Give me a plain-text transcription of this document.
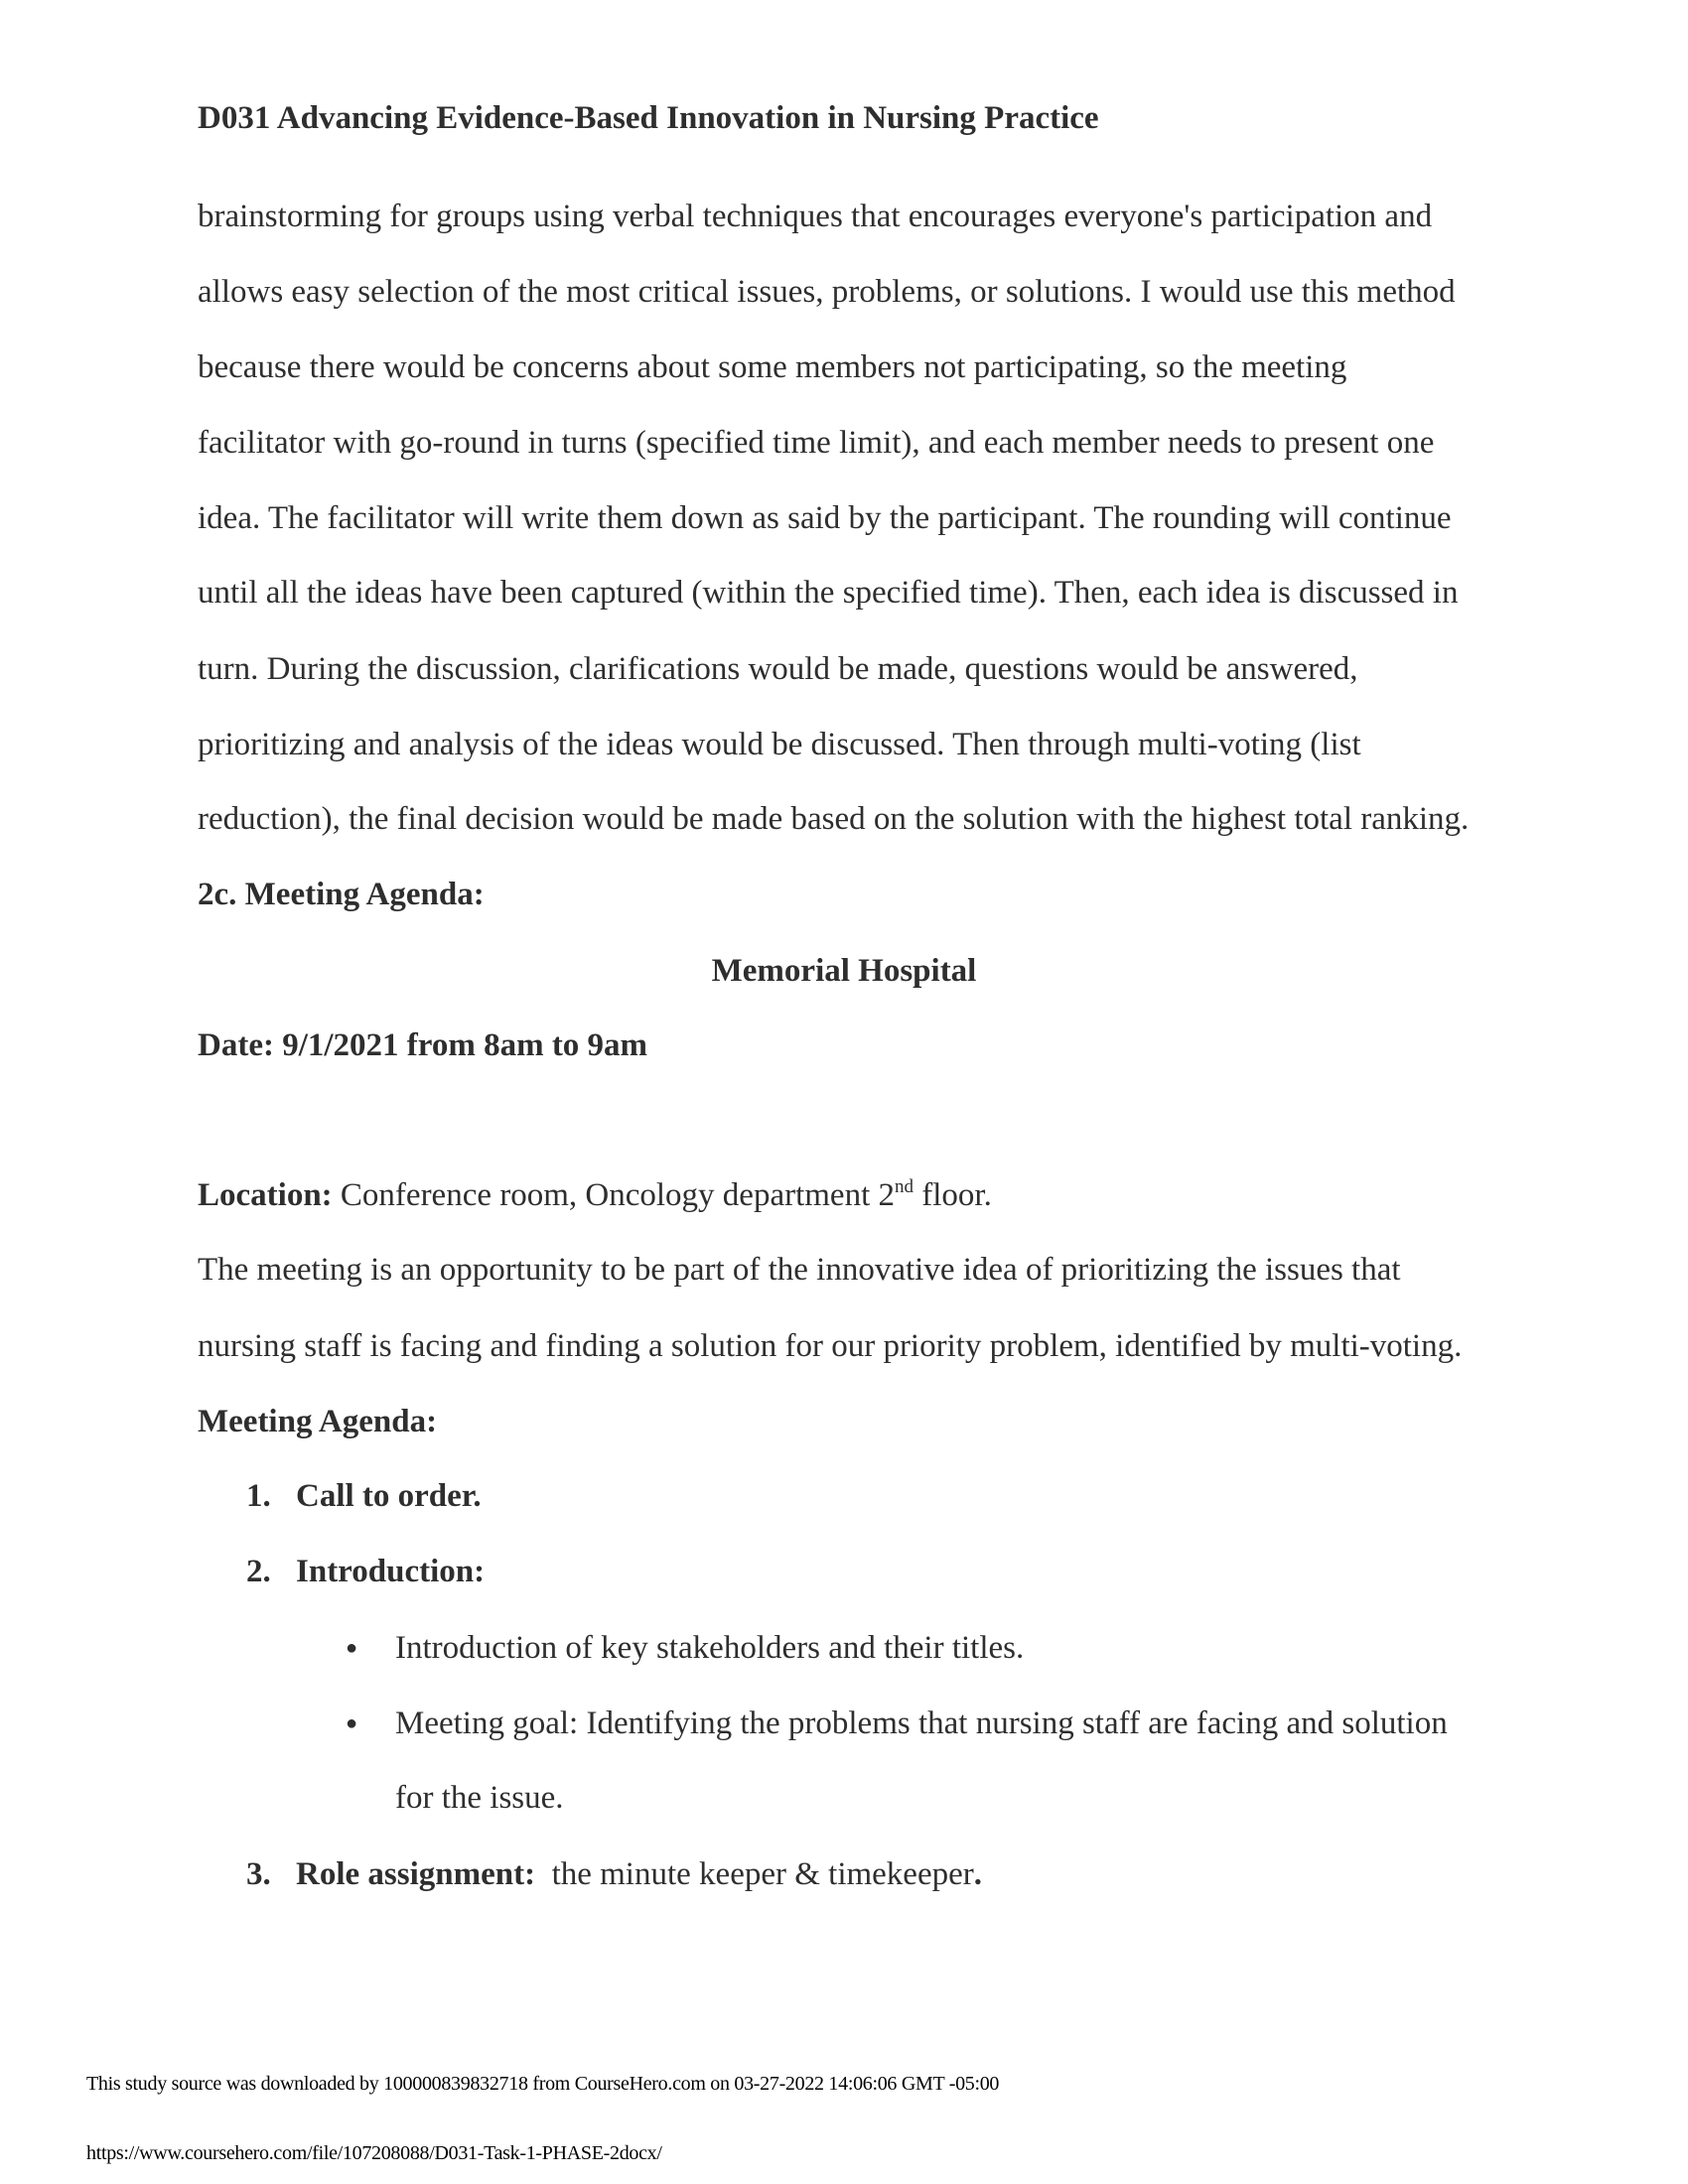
D031 Advancing Evidence-Based Innovation in Nursing Practice
brainstorming for groups using verbal techniques that encourages everyone's participation and
allows easy selection of the most critical issues, problems, or solutions. I would use this method
because there would be concerns about some members not participating, so the meeting
facilitator with go-round in turns (specified time limit), and each member needs to present one
idea. The facilitator will write them down as said by the participant. The rounding will continue
until all the ideas have been captured (within the specified time). Then, each idea is discussed in
turn. During the discussion, clarifications would be made, questions would be answered,
prioritizing and analysis of the ideas would be discussed. Then through multi-voting (list
reduction), the final decision would be made based on the solution with the highest total ranking.
2c. Meeting Agenda:
Memorial Hospital
Date: 9/1/2021 from 8am to 9am
Location: Conference room, Oncology department 2nd floor.
The meeting is an opportunity to be part of the innovative idea of prioritizing the issues that
nursing staff is facing and finding a solution for our priority problem, identified by multi-voting.
Meeting Agenda:
1. Call to order.
2. Introduction:
● Introduction of key stakeholders and their titles.
● Meeting goal: Identifying the problems that nursing staff are facing and solution
for the issue.
3. Role assignment:  the minute keeper & timekeeper.
This study source was downloaded by 100000839832718 from CourseHero.com on 03-27-2022 14:06:06 GMT -05:00
https://www.coursehero.com/file/107208088/D031-Task-1-PHASE-2docx/
